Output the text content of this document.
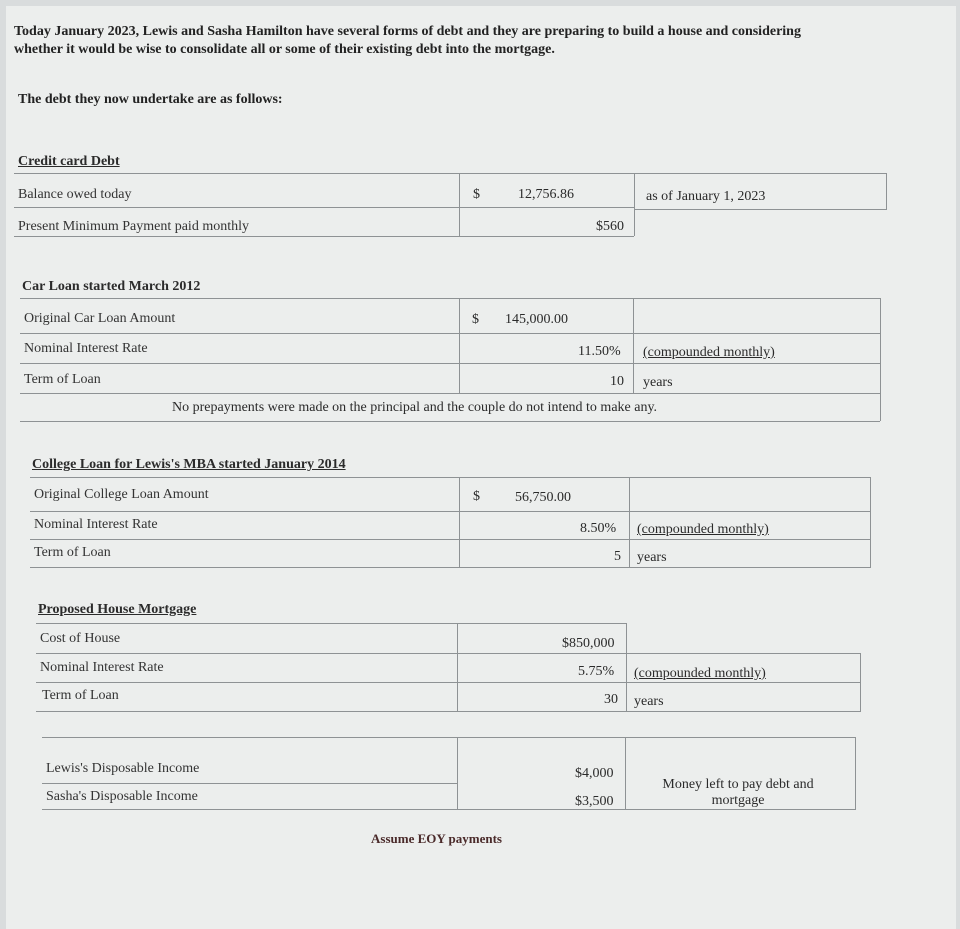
Today January 2023, Lewis and Sasha Hamilton have several forms of debt and they are preparing to build a house and considering
whether it would be wise to consolidate all or some of their existing debt into the mortgage.
The debt they now undertake are as follows:
Credit card Debt
Balance owed today	$	12,756.86	as of January 1, 2023
Present Minimum Payment paid monthly	$560
Car Loan started March 2012
Original Car Loan Amount	$ 145,000.00
Nominal Interest Rate	11.50% (compounded monthly)
Term of Loan	10 years
No prepayments were made on the principal and the couple do not intend to make any.
College Loan for Lewis's MBA started January 2014
Original College Loan Amount	$	56,750.00
Nominal Interest Rate	8.50% (compounded monthly)
Term of Loan	5 years
Proposed House Mortgage
Cost of House	$850,000
Nominal Interest Rate	5.75% (compounded monthly)
Term of Loan	30 years
Lewis's Disposable Income	$4,000
Sasha's Disposable Income	$3,500
Money left to pay debt and mortgage
Assume EOY payments
